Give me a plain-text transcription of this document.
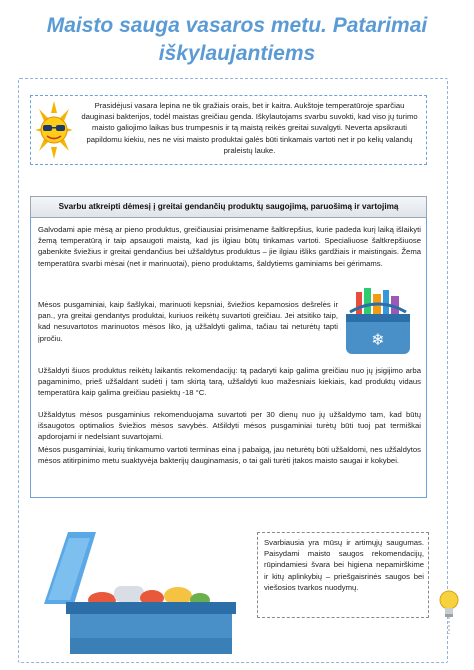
Maisto sauga vasaros metu. Patarimai iškylaujantiems
Prasidėjusi vasara lepina ne tik gražiais orais, bet ir kaitra. Aukštoje temperatūroje sparčiau dauginasi bakterijos, todėl maistas greičiau genda. Iškylautojams svarbu suvokti, kad viso jų turimo maisto galiojimo laikas bus trumpesnis ir tą maistą reikės greitai suvalgyti. Neverta apsikrauti papildomu kiekiu, nes ne visi maisto produktai galės būti tinkamais vartoti net ir po kelių valandų praleistų lauke.
Svarbu atkreipti dėmesį į greitai gendančių produktų saugojimą, paruošimą ir vartojimą
Galvodami apie mėsą ar pieno produktus, greičiausiai prisimename šaltkrepšius, kurie padeda kurį laiką išlaikyti žemą temperatūrą ir taip apsaugoti maistą, kad jis ilgiau būtų tinkamas vartoti. Specialiuose šaltkrepšiuose gabenkite šviežius ir greitai gendančius bei užšaldytus produktus – jie ilgiau išliks gardžiais ir maistingais. Žema temperatūra svarbi mėsai (net ir marinuotai), pieno produktams, šaldytiems gaminiams bei gėrimams.
Mėsos pusgaminiai, kaip šašlykai, marinuoti kepsniai, šviežios kepamosios dešrelės ir pan., yra greitai gendantys produktai, kuriuos reikėtų suvartoti greičiau. Jei atsitiko taip, kad nesuvartotos marinuotos mėsos liko, ją užšaldyti galima, tačiau tai neturėtų tapti įpročiu.	❄
Užšaldyti šiuos produktus reikėtų laikantis rekomendacijų: tą padaryti kaip galima greičiau nuo jų įsigijimo arba pagaminimo, prieš užšaldant sudėti į tam skirtą tarą, užšaldyti kuo mažesniais kiekiais, kad produktų vidaus temperatūra kaip galima greičiau pasiektų -18 °C.
Užšaldytus mėsos pusgaminius rekomenduojama suvartoti per 30 dienų nuo jų užšaldymo tam, kad būtų išsaugotos optimalios šviežios mėsos savybės. Atšildyti mėsos pusgaminiai turėtų būti tuoj pat termiškai apdorojami ir nedelsiant suvartojami.
Mėsos pusgaminiai, kurių tinkamumo vartoti terminas eina į pabaigą, jau neturėtų būti užšaldomi, nes užšaldytos mėsos atitirpinimo metu suaktyvėja bakterijų dauginamasis, o tai gali turėti įtakos maisto saugai ir kokybei.
Svarbiausia yra mūsų ir artimųjų saugumas. Paisydami maisto saugos rekomendacijų, rūpindamiesi švara bei higiena nepamirškime ir kitų aplinkybių – priešgaisrinės saugos bei viešosios tvarkos nuodymų.
